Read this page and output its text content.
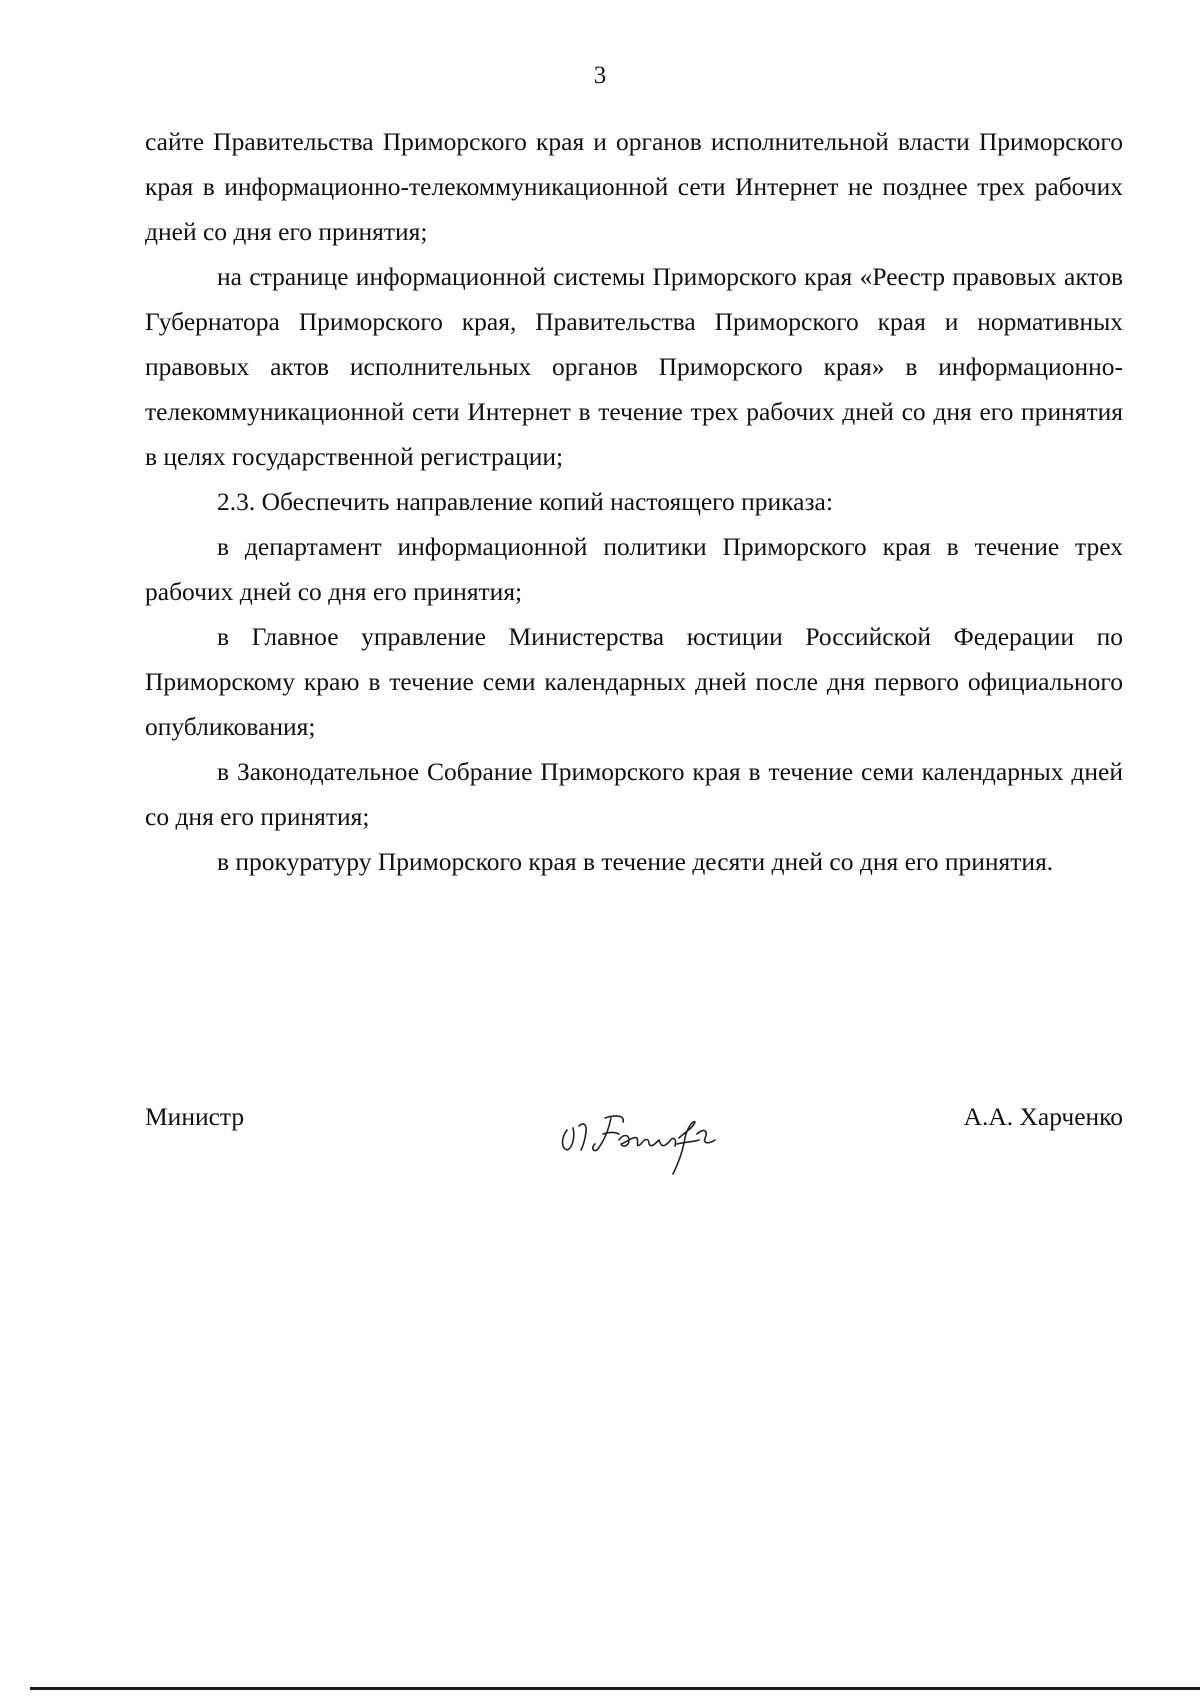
3

сайте Правительства Приморского края и органов исполнительной власти Приморского края в информационно-телекоммуникационной сети Интернет не позднее трех рабочих дней со дня его принятия;

на странице информационной системы Приморского края «Реестр правовых актов Губернатора Приморского края, Правительства Приморского края и нормативных правовых актов исполнительных органов Приморского края» в информационно-телекоммуникационной сети Интернет в течение трех рабочих дней со дня его принятия в целях государственной регистрации;

2.3. Обеспечить направление копий настоящего приказа:

в департамент информационной политики Приморского края в течение трех рабочих дней со дня его принятия;

в Главное управление Министерства юстиции Российской Федерации по Приморскому краю в течение семи календарных дней после дня первого официального опубликования;

в Законодательное Собрание Приморского края в течение семи календарных дней со дня его принятия;

в прокуратуру Приморского края в течение десяти дней со дня его принятия.

Министр	А.А. Харченко
